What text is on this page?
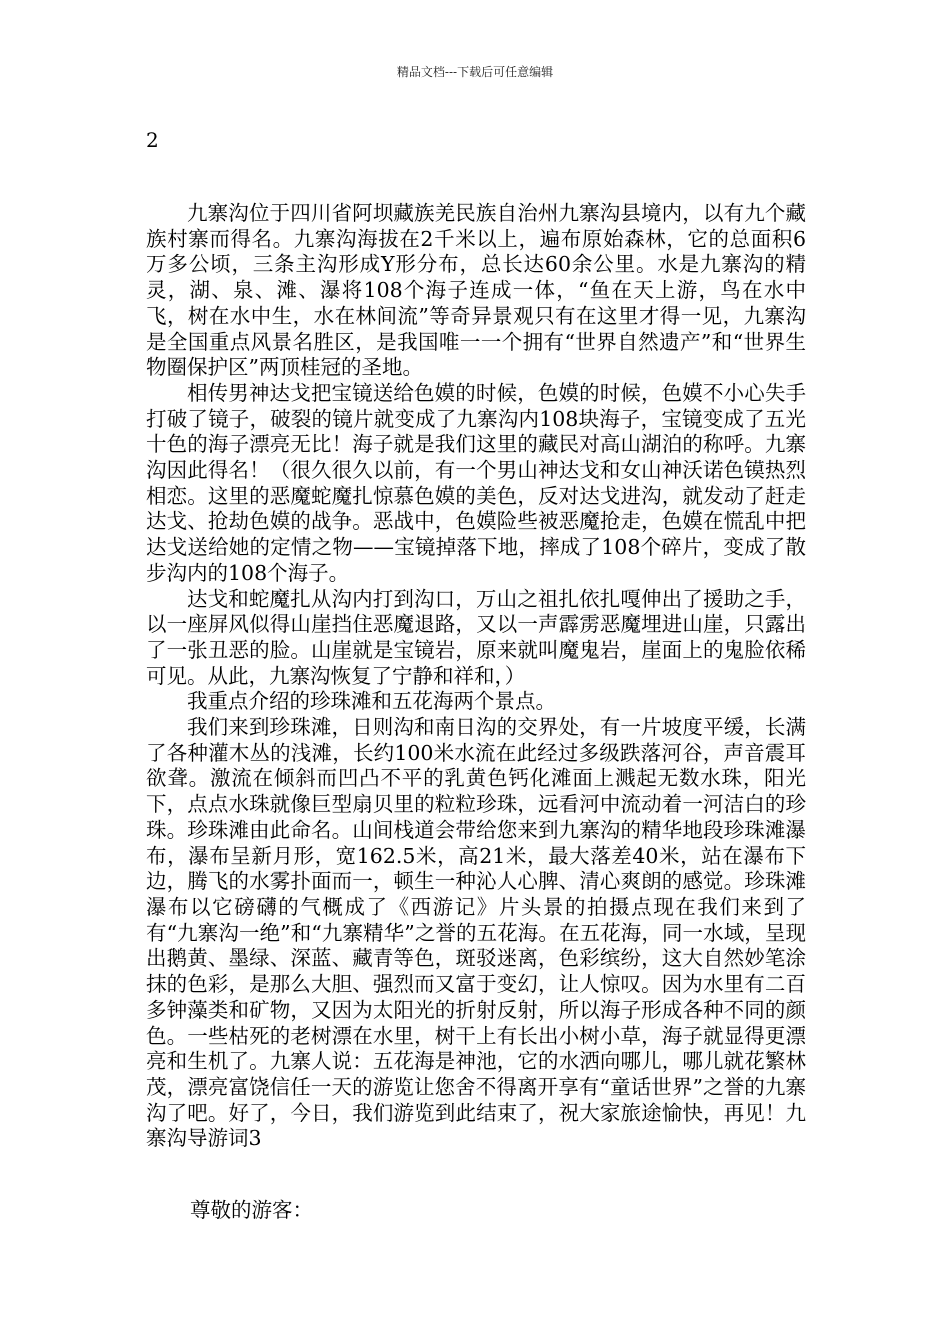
精品文档---下载后可任意编辑
2

九寨沟位于四川省阿坝藏族羌民族自治州九寨沟县境内，以有九个藏族村寨而得名。九寨沟海拔在2千米以上，遍布原始森林，它的总面积6万多公顷，三条主沟形成Y形分布，总长达60余公里。水是九寨沟的精灵，湖、泉、滩、瀑将108个海子连成一体，“鱼在天上游，鸟在水中飞，树在水中生，水在林间流”等奇异景观只有在这里才得一见，九寨沟是全国重点风景名胜区，是我国唯一一个拥有“世界自然遗产”和“世界生物圈保护区”两顶桂冠的圣地。

相传男神达戈把宝镜送给色嫫的时候，色嫫的时候，色嫫不小心失手打破了镜子，破裂的镜片就变成了九寨沟内108块海子，宝镜变成了五光十色的海子漂亮无比！海子就是我们这里的藏民对高山湖泊的称呼。九寨沟因此得名！（很久很久以前，有一个男山神达戈和女山神沃诺色镆热烈相恋。这里的恶魔蛇魔扎惊慕色嫫的美色，反对达戈进沟，就发动了赶走达戈、抢劫色嫫的战争。恶战中，色嫫险些被恶魔抢走，色嫫在慌乱中把达戈送给她的定情之物——宝镜掉落下地，摔成了108个碎片，变成了散步沟内的108个海子。

达戈和蛇魔扎从沟内打到沟口，万山之祖扎依扎嘎伸出了援助之手，以一座屏风似得山崖挡住恶魔退路，又以一声霹雳恶魔埋进山崖，只露出了一张丑恶的脸。山崖就是宝镜岩，原来就叫魔鬼岩，崖面上的鬼脸依稀可见。从此，九寨沟恢复了宁静和祥和，）

我重点介绍的珍珠滩和五花海两个景点。

我们来到珍珠滩，日则沟和南日沟的交界处，有一片坡度平缓，长满了各种灌木丛的浅滩，长约100米水流在此经过多级跌落河谷，声音震耳欲聋。激流在倾斜而凹凸不平的乳黄色钙化滩面上溅起无数水珠，阳光下，点点水珠就像巨型扇贝里的粒粒珍珠，远看河中流动着一河洁白的珍珠。珍珠滩由此命名。山间栈道会带给您来到九寨沟的精华地段珍珠滩瀑布，瀑布呈新月形，宽162.5米，高21米，最大落差40米，站在瀑布下边，腾飞的水雾扑面而一，顿生一种沁人心脾、清心爽朗的感觉。珍珠滩瀑布以它磅礴的气概成了《西游记》片头景的拍摄点现在我们来到了有“九寨沟一绝”和“九寨精华”之誉的五花海。在五花海，同一水域，呈现出鹅黄、墨绿、深蓝、藏青等色，斑驳迷离，色彩缤纷，这大自然妙笔涂抹的色彩，是那么大胆、强烈而又富于变幻，让人惊叹。因为水里有二百多钟藻类和矿物，又因为太阳光的折射反射，所以海子形成各种不同的颜色。一些枯死的老树漂在水里，树干上有长出小树小草，海子就显得更漂亮和生机了。九寨人说：五花海是神池，它的水洒向哪儿，哪儿就花繁林茂，漂亮富饶信任一天的游览让您舍不得离开享有“童话世界”之誉的九寨沟了吧。好了，今日，我们游览到此结束了，祝大家旅途愉快，再见！九寨沟导游词3

尊敬的游客：
